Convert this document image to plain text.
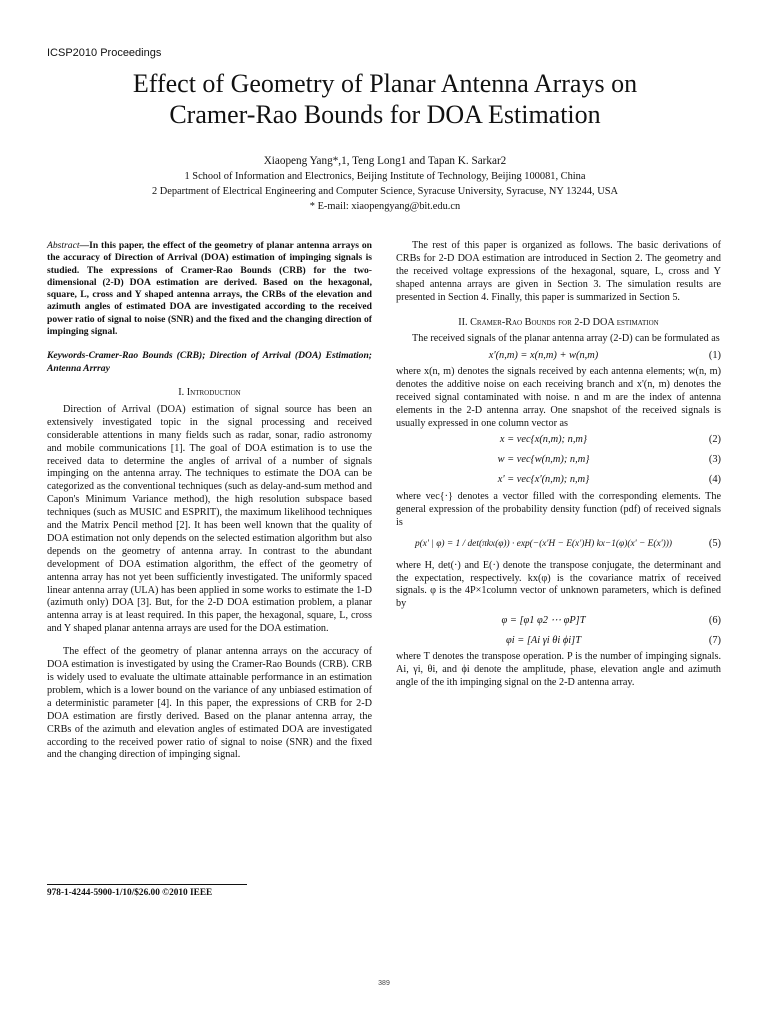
ICSP2010 Proceedings
Effect of Geometry of Planar Antenna Arrays on
Cramer-Rao Bounds for DOA Estimation
Xiaopeng Yang*,1, Teng Long1 and Tapan K. Sarkar2
1 School of Information and Electronics, Beijing Institute of Technology, Beijing 100081, China
2 Department of Electrical Engineering and Computer Science, Syracuse University, Syracuse, NY 13244, USA
* E-mail: xiaopengyang@bit.edu.cn

Abstract—In this paper, the effect of the geometry of planar antenna arrays on the accuracy of Direction of Arrival (DOA) estimation of impinging signals is studied. The expressions of Cramer-Rao Bounds (CRB) for the two-dimensional (2-D) DOA estimation are derived. Based on the hexagonal, square, L, cross and Y shaped antenna arrays, the CRBs of the elevation and azimuth angles of estimated DOA are investigated according to the received power ratio of signal to noise (SNR) and the fixed and the changing direction of impinging signal.

Keywords-Cramer-Rao Bounds (CRB); Direction of Arrival (DOA) Estimation; Antenna Arrray

I. Introduction

Direction of Arrival (DOA) estimation of signal source has been an extensively investigated topic in the signal processing and received considerable attentions in many fields such as radar, sonar, radio astronomy and mobile communications [1]. The goal of DOA estimation is to use the received data to determine the angles of arrival of a number of signals impinging on the antenna array. The techniques to estimate the DOA can be categorized as the conventional techniques (such as delay-and-sum method and Capon's Minimum Variance method), the high resolution subspace based techniques (such as MUSIC and ESPRIT), the maximum likelihood techniques and the Matrix Pencil method [2]. It has been well known that the quality of DOA estimation not only depends on the selected estimation algorithm but also depends on the geometry of antenna array. In contrast to the abundant development of DOA estimation algorithm, the effect of the geometry of antenna array has not yet been sufficiently investigated. The uniformly spaced linear antenna array (ULA) has been applied in some works to estimate the 1-D (azimuth only) DOA [3]. But, for the 2-D DOA estimation problem, a planar antenna array is at least required. In this paper, the hexagonal, square, L, cross and Y shaped planar antenna arrays are used for the DOA estimation.

The effect of the geometry of planar antenna arrays on the accuracy of DOA estimation is investigated by using the Cramer-Rao Bounds (CRB). CRB is widely used to evaluate the ultimate attainable performance in an estimation problem, which is a lower bound on the variance of any unbiased estimation of a deterministic parameter [4]. In this paper, the expressions of CRB for 2-D DOA estimation are firstly derived. Based on the planar antenna array, the CRBs of the azimuth and elevation angles of estimated DOA are investigated according to the received power ratio of signal to noise (SNR) and the fixed and the changing direction of impinging signal.

978-1-4244-5900-1/10/$26.00 ©2010 IEEE

The rest of this paper is organized as follows. The basic derivations of CRBs for 2-D DOA estimation are introduced in Section 2. The geometry and the received voltage expressions of the hexagonal, square, L, cross and Y shaped antenna arrays are given in Section 3. The simulation results are presented in Section 4. Finally, this paper is summarized in Section 5.

II. Cramer-Rao Bounds for 2-D DOA estimation

The received signals of the planar antenna array (2-D) can be formulated as

x'(n,m) = x(n,m) + w(n,m)	(1)

where x(n, m) denotes the signals received by each antenna elements; w(n, m) denotes the additive noise on each receiving branch and x'(n, m) denotes the received signal contaminated with noise. n and m are the index of antenna elements in the 2-D antenna array. One snapshot of the received signals is usually expressed in one column vector as

x = vec{x(n,m); n,m}	(2)
w = vec{w(n,m); n,m}	(3)
x' = vec{x'(n,m); n,m}	(4)

where vec{·} denotes a vector filled with the corresponding elements. The general expression of the probability density function (pdf) of received signals is

p(x' | φ) = 1 / det(πkx(φ)) · exp(−(x'H − E(x')H) kx−1(φ)(x' − E(x')))	(5)

where H, det(·) and E(·) denote the transpose conjugate, the determinant and the expectation, respectively. kx(φ) is the covariance matrix of received signals. φ is the 4P×1column vector of unknown parameters, which is defined by

φ = [φ1 φ2 ⋯ φP]T	(6)
φi = [Ai γi θi ϕi]T	(7)

where T denotes the transpose operation. P is the number of impinging signals. Ai, γi, θi, and ϕi denote the amplitude, phase, elevation angle and azimuth angle of the ith impinging signal on the 2-D antenna array.

389
